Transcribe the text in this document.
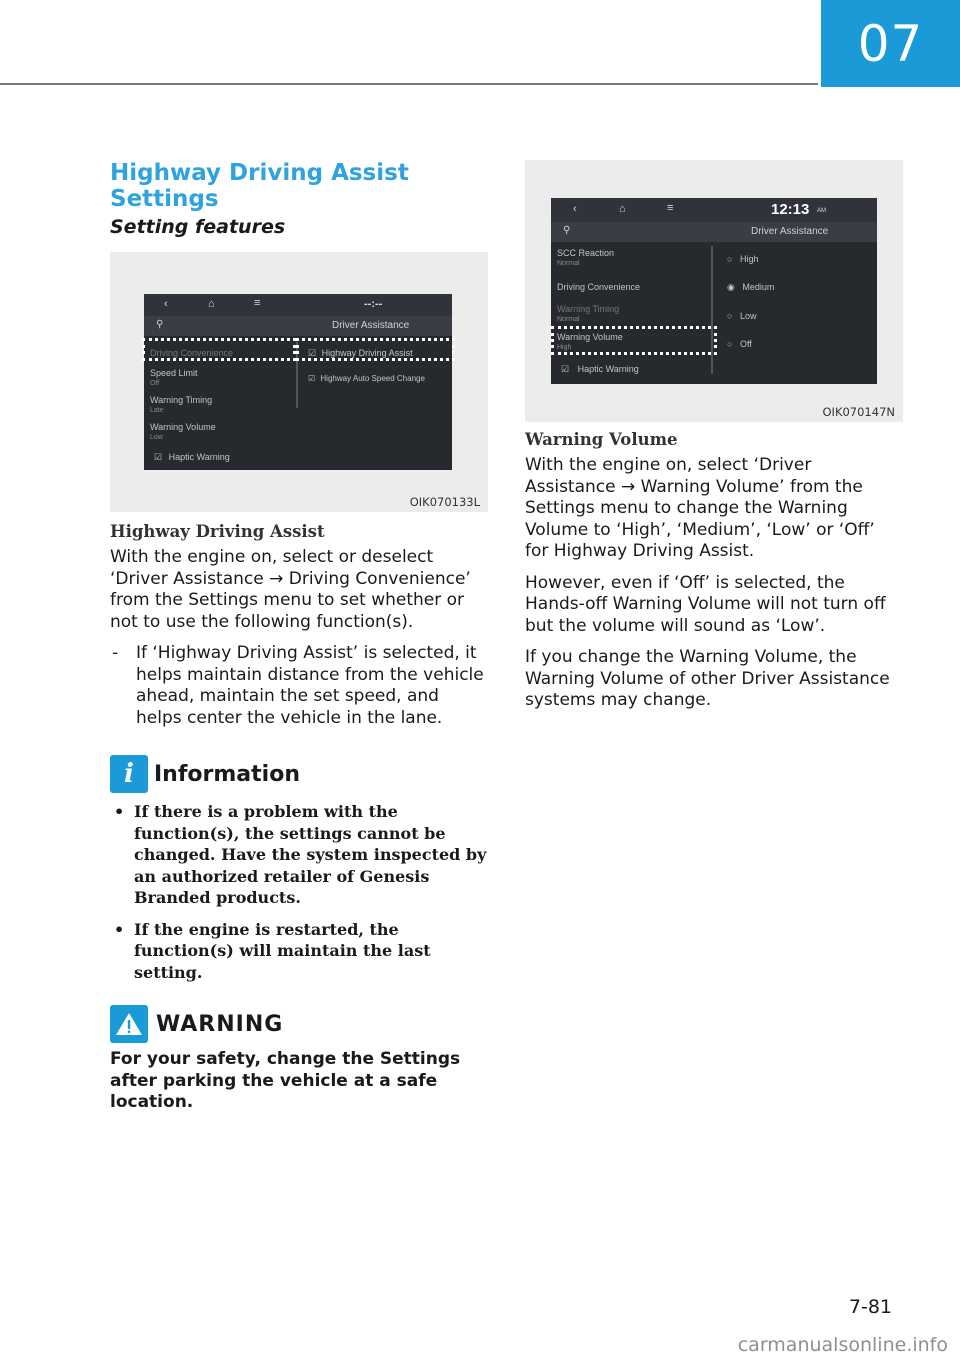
07
Highway Driving Assist Settings
Setting features
‹	⌂	≡	--:--
⚲	Driver Assistance
Driving Convenience
Speed Limit
Off
Warning Timing
Late
Warning Volume
Low
☑ Haptic Warning
☑ Highway Driving Assist
☑ Highway Auto Speed Change
OIK070133L
Highway Driving Assist

With the engine on, select or deselect ‘Driver Assistance → Driving Convenience’ from the Settings menu to set whether or not to use the following function(s).

- If ‘Highway Driving Assist’ is selected, it helps maintain distance from the vehicle ahead, maintain the set speed, and helps center the vehicle in the lane.
i Information
• If there is a problem with the function(s), the settings cannot be changed. Have the system inspected by an authorized retailer of Genesis Branded products.
• If the engine is restarted, the function(s) will maintain the last setting.
WARNING
For your safety, change the Settings after parking the vehicle at a safe location.
‹	⌂	≡	12:13 AM
⚲	Driver Assistance
SCC Reaction
Normal
Driving Convenience
Warning Timing
Normal
Warning Volume
High
☑ Haptic Warning
○ High
◉ Medium
○ Low
○ Off
OIK070147N
Warning Volume

With the engine on, select ‘Driver Assistance → Warning Volume’ from the Settings menu to change the Warning Volume to ‘High’, ‘Medium’, ‘Low’ or ‘Off’ for Highway Driving Assist.

However, even if ‘Off’ is selected, the Hands-off Warning Volume will not turn off but the volume will sound as ‘Low’.

If you change the Warning Volume, the Warning Volume of other Driver Assistance systems may change.

7-81
carmanualsonline.info
